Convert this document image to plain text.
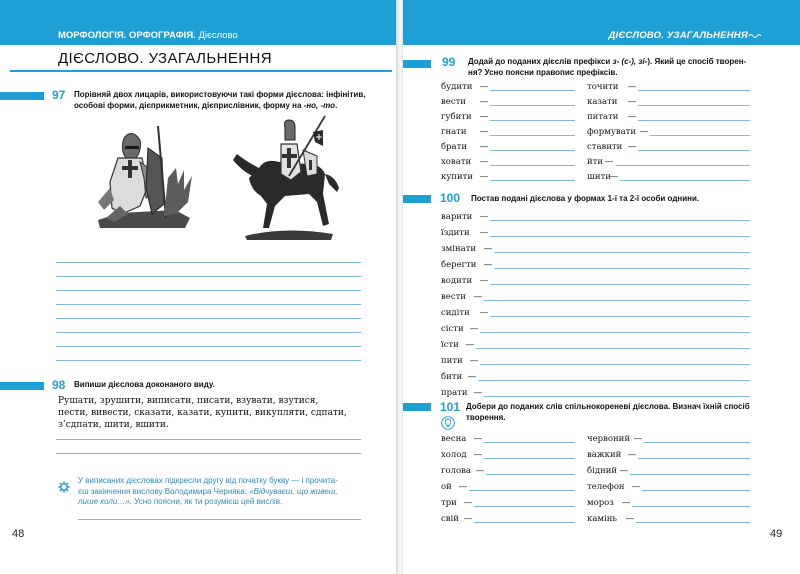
МОРФОЛОГІЯ. ОРФОГРАФІЯ. Дієслово
ДІЄСЛОВО. УЗАГАЛЬНЕННЯ
97 Порівняй двох лицарів, використовуючи такі форми дієслова: інфінітив, особові форми, дієприкметник, дієприслівник, форму на -но, -то.
98 Випиши дієслова доконаного виду.
Рушати, зрушити, виписати, писати, взувати, взутися,
пести, вивести, сказати, казати, купити, викупляти, сдпати,
з’сдпати, шити, вшити.
У виписаних дієсловах підкресли другу від початку букву — і прочита-
єш закінчення вислову Володимира Черняка: «Відчуваєш, що живеш,
лише коли…». Усно поясни, як ти розумієш цей вислів.
48
ДІЄСЛОВО. УЗАГАЛЬНЕННЯ
99 Додай до поданих дієслів префікси з- (с-), зі-). Який це спосіб творен-
ня? Усно поясни правопис префіксів.
будити —	точити —
вести —	казати —
губити —	питати —
гнати —	формувати —
брати —	ставити —
ховати —	йти —
купити —	шити —
100 Постав подані дієслова у формах 1-ї та 2-ї особи однини.
варити —
їздити —
змінати —
берегти —
водити —
вести —
сидіти —
сісти —
їсти —
пити —
бити —
прати —
101 Добери до поданих слів спільнокореневі дієслова. Визнач їхній спосіб
творення.
весна —	червоний —
холод —	важкий —
голова —	бідний —
ой —	телефон —
три —	мороз —
свій —	камінь —
49
